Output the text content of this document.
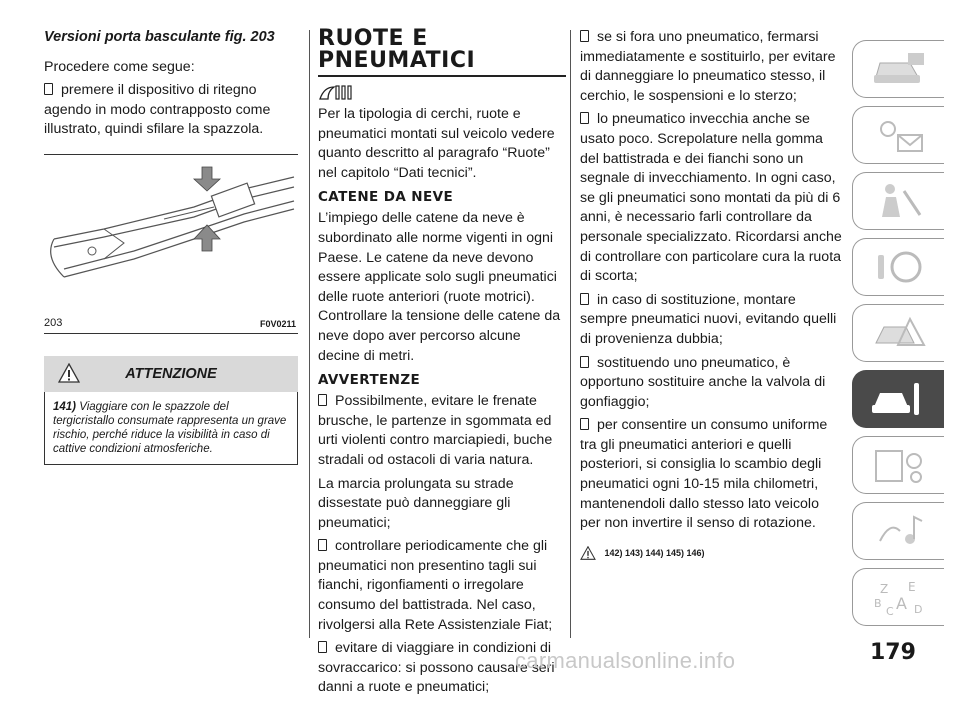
Versioni porta basculante fig. 203

Procedere come segue:

premere il dispositivo di ritegno agendo in modo contrapposto come illustrato, quindi sfilare la spazzola.

203	F0V0211
ATTENZIONE
141) Viaggiare con le spazzole del tergicristallo consumate rappresenta un grave rischio, perché riduce la visibilità in caso di cattive condizioni atmosferiche.
RUOTE E
PNEUMATICI

Per la tipologia di cerchi, ruote e pneumatici montati sul veicolo vedere quanto descritto al paragrafo “Ruote” nel capitolo “Dati tecnici”.

CATENE DA NEVE

L’impiego delle catene da neve è subordinato alle norme vigenti in ogni Paese. Le catene da neve devono essere applicate solo sugli pneumatici delle ruote anteriori (ruote motrici). Controllare la tensione delle catene da neve dopo aver percorso alcune decine di metri.

AVVERTENZE

Possibilmente, evitare le frenate brusche, le partenze in sgommata ed urti violenti contro marciapiedi, buche stradali od ostacoli di varia natura.

La marcia prolungata su strade dissestate può danneggiare gli pneumatici;

controllare periodicamente che gli pneumatici non presentino tagli sui fianchi, rigonfiamenti o irregolare consumo del battistrada. Nel caso, rivolgersi alla Rete Assistenziale Fiat;

evitare di viaggiare in condizioni di sovraccarico: si possono causare seri danni a ruote e pneumatici;

se si fora uno pneumatico, fermarsi immediatamente e sostituirlo, per evitare di danneggiare lo pneumatico stesso, il cerchio, le sospensioni e lo sterzo;

lo pneumatico invecchia anche se usato poco. Screpolature nella gomma del battistrada e dei fianchi sono un segnale di invecchiamento. In ogni caso, se gli pneumatici sono montati da più di 6 anni, è necessario farli controllare da personale specializzato. Ricordarsi anche di controllare con particolare cura la ruota di scorta;

in caso di sostituzione, montare sempre pneumatici nuovi, evitando quelli di provenienza dubbia;

sostituendo uno pneumatico, è opportuno sostituire anche la valvola di gonfiaggio;

per consentire un consumo uniforme tra gli pneumatici anteriori e quelli posteriori, si consiglia lo scambio degli pneumatici ogni 10-15 mila chilometri, mantenendoli dallo stesso lato veicolo per non invertire il senso di rotazione.

142) 143) 144) 145) 146)
Z E
B A
C D
179
carmanualsonline.info
